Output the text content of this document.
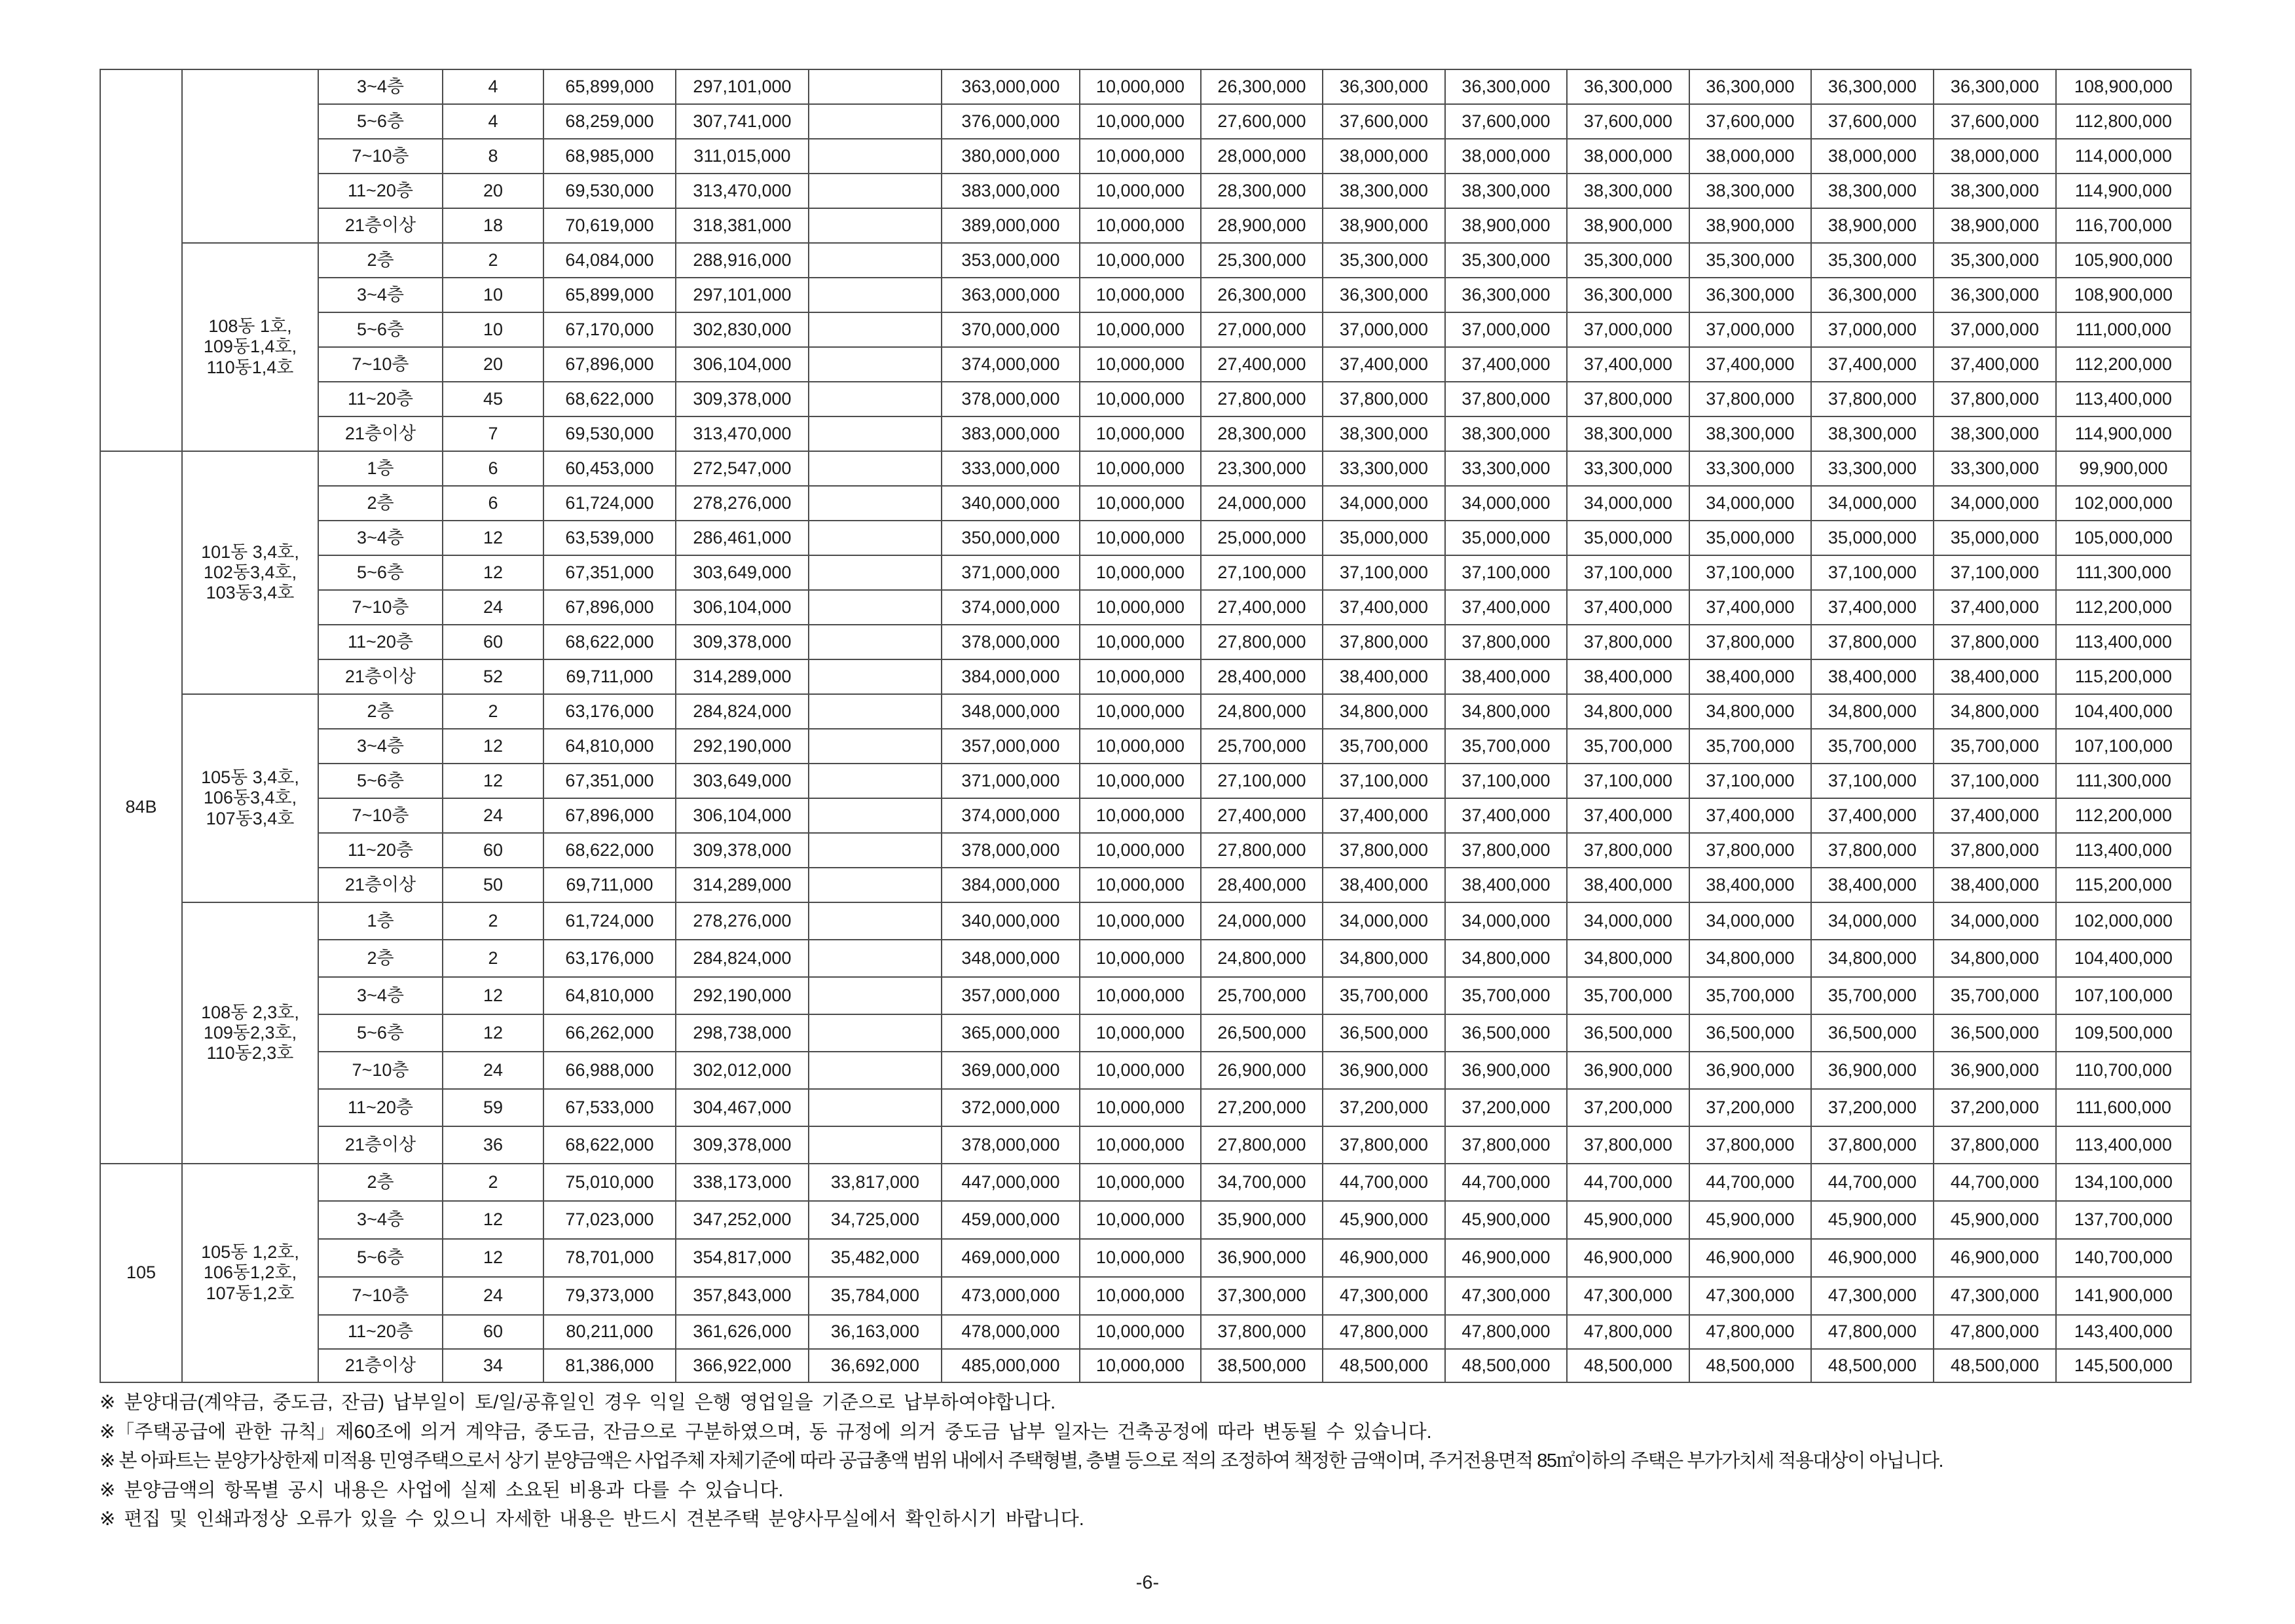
		3~4층	4	65,899,000	297,101,000		363,000,000	10,000,000	26,300,000	36,300,000	36,300,000	36,300,000	36,300,000	36,300,000	36,300,000	108,900,000
		5~6층	4	68,259,000	307,741,000		376,000,000	10,000,000	27,600,000	37,600,000	37,600,000	37,600,000	37,600,000	37,600,000	37,600,000	112,800,000
		7~10층	8	68,985,000	311,015,000		380,000,000	10,000,000	28,000,000	38,000,000	38,000,000	38,000,000	38,000,000	38,000,000	38,000,000	114,000,000
		11~20층	20	69,530,000	313,470,000		383,000,000	10,000,000	28,300,000	38,300,000	38,300,000	38,300,000	38,300,000	38,300,000	38,300,000	114,900,000
		21층이상	18	70,619,000	318,381,000		389,000,000	10,000,000	28,900,000	38,900,000	38,900,000	38,900,000	38,900,000	38,900,000	38,900,000	116,700,000

	108동 1호,
109동1,4호,
110동1,4호	2층	2	64,084,000	288,916,000		353,000,000	10,000,000	25,300,000	35,300,000	35,300,000	35,300,000	35,300,000	35,300,000	35,300,000	105,900,000
		3~4층	10	65,899,000	297,101,000		363,000,000	10,000,000	26,300,000	36,300,000	36,300,000	36,300,000	36,300,000	36,300,000	36,300,000	108,900,000
		5~6층	10	67,170,000	302,830,000		370,000,000	10,000,000	27,000,000	37,000,000	37,000,000	37,000,000	37,000,000	37,000,000	37,000,000	111,000,000
		7~10층	20	67,896,000	306,104,000		374,000,000	10,000,000	27,400,000	37,400,000	37,400,000	37,400,000	37,400,000	37,400,000	37,400,000	112,200,000
		11~20층	45	68,622,000	309,378,000		378,000,000	10,000,000	27,800,000	37,800,000	37,800,000	37,800,000	37,800,000	37,800,000	37,800,000	113,400,000
		21층이상	7	69,530,000	313,470,000		383,000,000	10,000,000	28,300,000	38,300,000	38,300,000	38,300,000	38,300,000	38,300,000	38,300,000	114,900,000
84B	101동 3,4호,
102동3,4호,
103동3,4호	1층	6	60,453,000	272,547,000		333,000,000	10,000,000	23,300,000	33,300,000	33,300,000	33,300,000	33,300,000	33,300,000	33,300,000	99,900,000
		2층	6	61,724,000	278,276,000		340,000,000	10,000,000	24,000,000	34,000,000	34,000,000	34,000,000	34,000,000	34,000,000	34,000,000	102,000,000
		3~4층	12	63,539,000	286,461,000		350,000,000	10,000,000	25,000,000	35,000,000	35,000,000	35,000,000	35,000,000	35,000,000	35,000,000	105,000,000
		5~6층	12	67,351,000	303,649,000		371,000,000	10,000,000	27,100,000	37,100,000	37,100,000	37,100,000	37,100,000	37,100,000	37,100,000	111,300,000
		7~10층	24	67,896,000	306,104,000		374,000,000	10,000,000	27,400,000	37,400,000	37,400,000	37,400,000	37,400,000	37,400,000	37,400,000	112,200,000
		11~20층	60	68,622,000	309,378,000		378,000,000	10,000,000	27,800,000	37,800,000	37,800,000	37,800,000	37,800,000	37,800,000	37,800,000	113,400,000
		21층이상	52	69,711,000	314,289,000		384,000,000	10,000,000	28,400,000	38,400,000	38,400,000	38,400,000	38,400,000	38,400,000	38,400,000	115,200,000

	105동 3,4호,
106동3,4호,
107동3,4호	2층	2	63,176,000	284,824,000		348,000,000	10,000,000	24,800,000	34,800,000	34,800,000	34,800,000	34,800,000	34,800,000	34,800,000	104,400,000
		3~4층	12	64,810,000	292,190,000		357,000,000	10,000,000	25,700,000	35,700,000	35,700,000	35,700,000	35,700,000	35,700,000	35,700,000	107,100,000
		5~6층	12	67,351,000	303,649,000		371,000,000	10,000,000	27,100,000	37,100,000	37,100,000	37,100,000	37,100,000	37,100,000	37,100,000	111,300,000
		7~10층	24	67,896,000	306,104,000		374,000,000	10,000,000	27,400,000	37,400,000	37,400,000	37,400,000	37,400,000	37,400,000	37,400,000	112,200,000
		11~20층	60	68,622,000	309,378,000		378,000,000	10,000,000	27,800,000	37,800,000	37,800,000	37,800,000	37,800,000	37,800,000	37,800,000	113,400,000
		21층이상	50	69,711,000	314,289,000		384,000,000	10,000,000	28,400,000	38,400,000	38,400,000	38,400,000	38,400,000	38,400,000	38,400,000	115,200,000

	108동 2,3호,
109동2,3호,
110동2,3호	1층	2	61,724,000	278,276,000		340,000,000	10,000,000	24,000,000	34,000,000	34,000,000	34,000,000	34,000,000	34,000,000	34,000,000	102,000,000
		2층	2	63,176,000	284,824,000		348,000,000	10,000,000	24,800,000	34,800,000	34,800,000	34,800,000	34,800,000	34,800,000	34,800,000	104,400,000
		3~4층	12	64,810,000	292,190,000		357,000,000	10,000,000	25,700,000	35,700,000	35,700,000	35,700,000	35,700,000	35,700,000	35,700,000	107,100,000
		5~6층	12	66,262,000	298,738,000		365,000,000	10,000,000	26,500,000	36,500,000	36,500,000	36,500,000	36,500,000	36,500,000	36,500,000	109,500,000
		7~10층	24	66,988,000	302,012,000		369,000,000	10,000,000	26,900,000	36,900,000	36,900,000	36,900,000	36,900,000	36,900,000	36,900,000	110,700,000
		11~20층	59	67,533,000	304,467,000		372,000,000	10,000,000	27,200,000	37,200,000	37,200,000	37,200,000	37,200,000	37,200,000	37,200,000	111,600,000
		21층이상	36	68,622,000	309,378,000		378,000,000	10,000,000	27,800,000	37,800,000	37,800,000	37,800,000	37,800,000	37,800,000	37,800,000	113,400,000
105	105동 1,2호,
106동1,2호,
107동1,2호	2층	2	75,010,000	338,173,000	33,817,000	447,000,000	10,000,000	34,700,000	44,700,000	44,700,000	44,700,000	44,700,000	44,700,000	44,700,000	134,100,000
		3~4층	12	77,023,000	347,252,000	34,725,000	459,000,000	10,000,000	35,900,000	45,900,000	45,900,000	45,900,000	45,900,000	45,900,000	45,900,000	137,700,000
		5~6층	12	78,701,000	354,817,000	35,482,000	469,000,000	10,000,000	36,900,000	46,900,000	46,900,000	46,900,000	46,900,000	46,900,000	46,900,000	140,700,000
		7~10층	24	79,373,000	357,843,000	35,784,000	473,000,000	10,000,000	37,300,000	47,300,000	47,300,000	47,300,000	47,300,000	47,300,000	47,300,000	141,900,000
		11~20층	60	80,211,000	361,626,000	36,163,000	478,000,000	10,000,000	37,800,000	47,800,000	47,800,000	47,800,000	47,800,000	47,800,000	47,800,000	143,400,000
		21층이상	34	81,386,000	366,922,000	36,692,000	485,000,000	10,000,000	38,500,000	48,500,000	48,500,000	48,500,000	48,500,000	48,500,000	48,500,000	145,500,000
※ 분양대금(계약금, 중도금, 잔금) 납부일이 토/일/공휴일인 경우 익일 은행 영업일을 기준으로 납부하여야합니다.
※「주택공급에 관한 규칙」제60조에 의거 계약금, 중도금, 잔금으로 구분하였으며, 동 규정에 의거 중도금 납부 일자는 건축공정에 따라 변동될 수 있습니다.
※ 본 아파트는 분양가상한제 미적용 민영주택으로서 상기 분양금액은 사업주체 자체기준에 따라 공급총액 범위 내에서 주택형별, 층별 등으로 적의 조정하여 책정한 금액이며, 주거전용면적 85㎡이하의 주택은 부가가치세 적용대상이 아닙니다.
※ 분양금액의 항목별 공시 내용은 사업에 실제 소요된 비용과 다를 수 있습니다.
※ 편집 및 인쇄과정상 오류가 있을 수 있으니 자세한 내용은 반드시 견본주택 분양사무실에서 확인하시기 바랍니다.
-6-
